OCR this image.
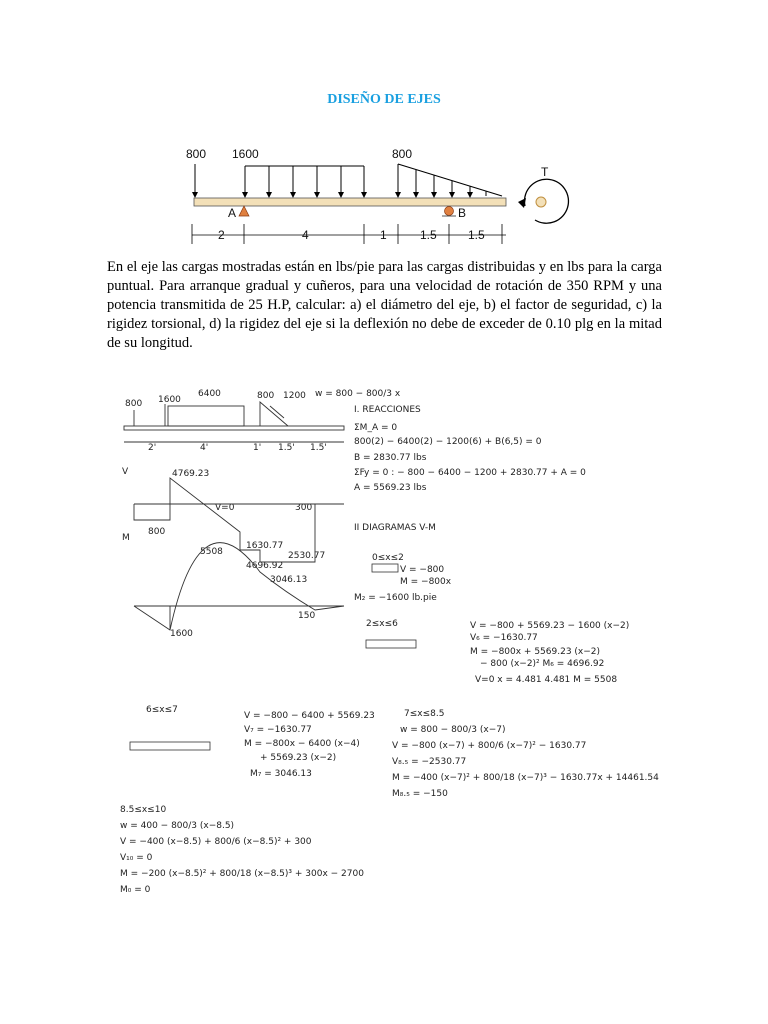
DISEÑO DE EJES
800 1600	800
A	B
2	4	1	1.5	1.5
T
En el eje las cargas mostradas están en lbs/pie para las cargas distribuidas y en lbs para la carga puntual. Para arranque gradual y cuñeros, para una velocidad de rotación de 350 RPM y una potencia transmitida de 25 H.P, calcular: a) el diámetro del eje, b) el factor de seguridad, c) la rigidez torsional, d) la rigidez del eje si la deflexión no debe de exceder de 0.10 plg en la mitad de su longitud.
800 1600
6400	800 1200 w = 800 − 800/3 x
I. REACCIONES
ΣM_A = 0
800(2) − 6400(2) − 1200(6) + B(6,5) = 0
B = 2830.77 lbs
ΣFy = 0 : − 800 − 6400 − 1200 + 2830.77 + A = 0
A = 5569.23 lbs
II DIAGRAMAS V-M
2'	4'	1' 1.5' 1.5'
V	4769.23
800
V=0
1630.77
2530.77
300
M
5508
4696.92
3046.13
1600
150
0≤x≤2
V = −800
M = −800x
M₂ = −1600 lb.pie
2≤x≤6	V = −800 + 5569.23 − 1600 (x−2)
V₆ = −1630.77
M = −800x + 5569.23 (x−2)
− 800 (x−2)² M₆ = 4696.92
V=0 x = 4.481 4.481 M = 5508
6≤x≤7
V = −800 − 6400 + 5569.23
V₇ = −1630.77
M = −800x − 6400 (x−4)
+ 5569.23 (x−2)
M₇ = 3046.13
7≤x≤8.5
w = 800 − 800/3 (x−7)
V = −800 (x−7) + 800/6 (x−7)² − 1630.77
V₈.₅ = −2530.77
M = −400 (x−7)² + 800/18 (x−7)³ − 1630.77x + 14461.54
M₈.₅ = −150
8.5≤x≤10
w = 400 − 800/3 (x−8.5)
V = −400 (x−8.5) + 800/6 (x−8.5)² + 300
V₁₀ = 0
M = −200 (x−8.5)² + 800/18 (x−8.5)³ + 300x − 2700
M₀ = 0
